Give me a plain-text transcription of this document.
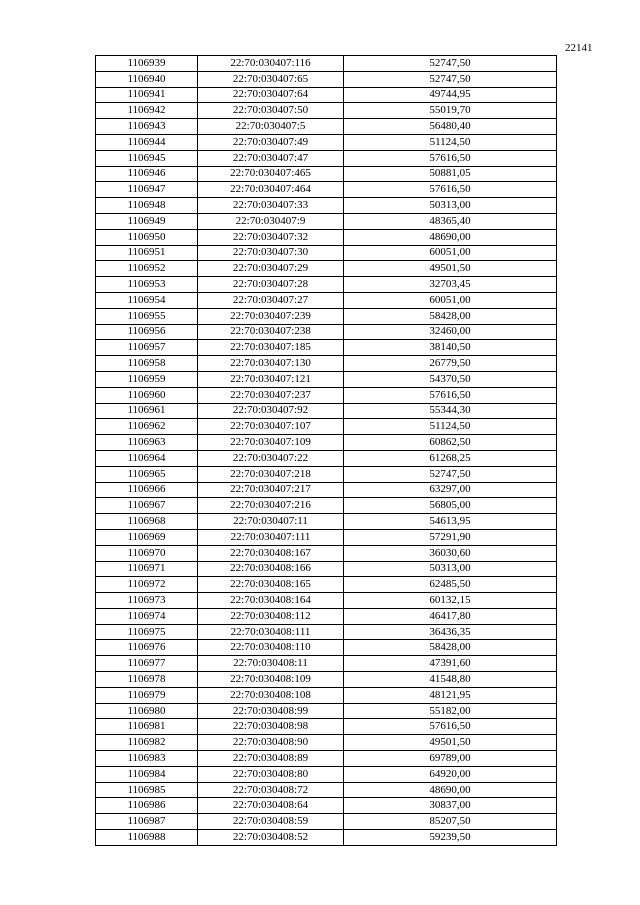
22141
1106939	22:70:030407:116	52747,50
1106940	22:70:030407:65	52747,50
1106941	22:70:030407:64	49744,95
1106942	22:70:030407:50	55019,70
1106943	22:70:030407:5	56480,40
1106944	22:70:030407:49	51124,50
1106945	22:70:030407:47	57616,50
1106946	22:70:030407:465	50881,05
1106947	22:70:030407:464	57616,50
1106948	22:70:030407:33	50313,00
1106949	22:70:030407:9	48365,40
1106950	22:70:030407:32	48690,00
1106951	22:70:030407:30	60051,00
1106952	22:70:030407:29	49501,50
1106953	22:70:030407:28	32703,45
1106954	22:70:030407:27	60051,00
1106955	22:70:030407:239	58428,00
1106956	22:70:030407:238	32460,00
1106957	22:70:030407:185	38140,50
1106958	22:70:030407:130	26779,50
1106959	22:70:030407:121	54370,50
1106960	22:70:030407:237	57616,50
1106961	22:70:030407:92	55344,30
1106962	22:70:030407:107	51124,50
1106963	22:70:030407:109	60862,50
1106964	22:70:030407:22	61268,25
1106965	22:70:030407:218	52747,50
1106966	22:70:030407:217	63297,00
1106967	22:70:030407:216	56805,00
1106968	22:70:030407:11	54613,95
1106969	22:70:030407:111	57291,90
1106970	22:70:030408:167	36030,60
1106971	22:70:030408:166	50313,00
1106972	22:70:030408:165	62485,50
1106973	22:70:030408:164	60132,15
1106974	22:70:030408:112	46417,80
1106975	22:70:030408:111	36436,35
1106976	22:70:030408:110	58428,00
1106977	22:70:030408:11	47391,60
1106978	22:70:030408:109	41548,80
1106979	22:70:030408:108	48121,95
1106980	22:70:030408:99	55182,00
1106981	22:70:030408:98	57616,50
1106982	22:70:030408:90	49501,50
1106983	22:70:030408:89	69789,00
1106984	22:70:030408:80	64920,00
1106985	22:70:030408:72	48690,00
1106986	22:70:030408:64	30837,00
1106987	22:70:030408:59	85207,50
1106988	22:70:030408:52	59239,50
